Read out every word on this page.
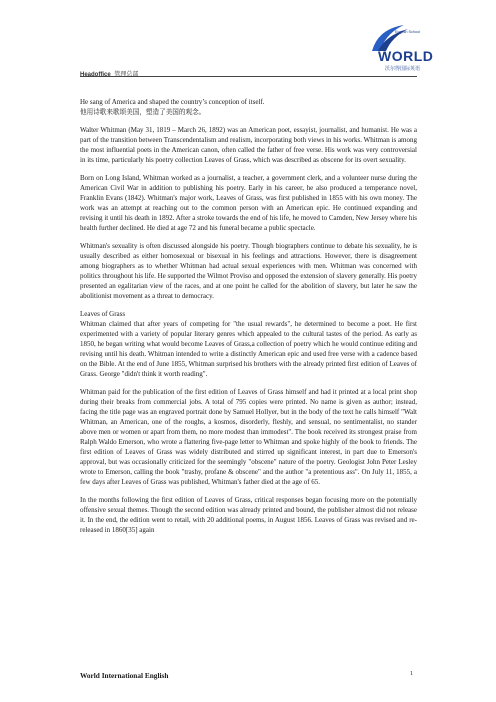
Headoffice 管理总部
English School
WORLD
沃尔得国际英语

He sang of America and shaped the country’s conception of itself.
他用诗歌来歌颂美国，塑造了美国的观念。

Walter Whitman (May 31, 1819 – March 26, 1892) was an American poet, essayist, journalist, and humanist. He was a part of the transition between Transcendentalism and realism, incorporating both views in his works. Whitman is among the most influential poets in the American canon, often called the father of free verse. His work was very controversial in its time, particularly his poetry collection Leaves of Grass, which was described as obscene for its overt sexuality.

Born on Long Island, Whitman worked as a journalist, a teacher, a government clerk, and a volunteer nurse during the American Civil War in addition to publishing his poetry. Early in his career, he also produced a temperance novel, Franklin Evans (1842). Whitman's major work, Leaves of Grass, was first published in 1855 with his own money. The work was an attempt at reaching out to the common person with an American epic. He continued expanding and revising it until his death in 1892. After a stroke towards the end of his life, he moved to Camden, New Jersey where his health further declined. He died at age 72 and his funeral became a public spectacle.

Whitman's sexuality is often discussed alongside his poetry. Though biographers continue to debate his sexuality, he is usually described as either homosexual or bisexual in his feelings and attractions. However, there is disagreement among biographers as to whether Whitman had actual sexual experiences with men. Whitman was concerned with politics throughout his life. He supported the Wilmot Proviso and opposed the extension of slavery generally. His poetry presented an egalitarian view of the races, and at one point he called for the abolition of slavery, but later he saw the abolitionist movement as a threat to democracy.

Leaves of Grass
Whitman claimed that after years of competing for "the usual rewards", he determined to become a poet. He first experimented with a variety of popular literary genres which appealed to the cultural tastes of the period. As early as 1850, he began writing what would become Leaves of Grass,a collection of poetry which he would continue editing and revising until his death. Whitman intended to write a distinctly American epic and used free verse with a cadence based on the Bible. At the end of June 1855, Whitman surprised his brothers with the already printed first edition of Leaves of Grass. George "didn't think it worth reading".

Whitman paid for the publication of the first edition of Leaves of Grass himself and had it printed at a local print shop during their breaks from commercial jobs. A total of 795 copies were printed. No name is given as author; instead, facing the title page was an engraved portrait done by Samuel Hollyer, but in the body of the text he calls himself "Walt Whitman, an American, one of the roughs, a kosmos, disorderly, fleshly, and sensual, no sentimentalist, no stander above men or women or apart from them, no more modest than immodest". The book received its strongest praise from Ralph Waldo Emerson, who wrote a flattering five-page letter to Whitman and spoke highly of the book to friends. The first edition of Leaves of Grass was widely distributed and stirred up significant interest, in part due to Emerson's approval, but was occasionally criticized for the seemingly "obscene" nature of the poetry. Geologist John Peter Lesley wrote to Emerson, calling the book "trashy, profane & obscene" and the author "a pretentious ass". On July 11, 1855, a few days after Leaves of Grass was published, Whitman's father died at the age of 65.

In the months following the first edition of Leaves of Grass, critical responses began focusing more on the potentially offensive sexual themes. Though the second edition was already printed and bound, the publisher almost did not release it. In the end, the edition went to retail, with 20 additional poems, in August 1856. Leaves of Grass was revised and re-released in 1860[35] again

World International English	1
